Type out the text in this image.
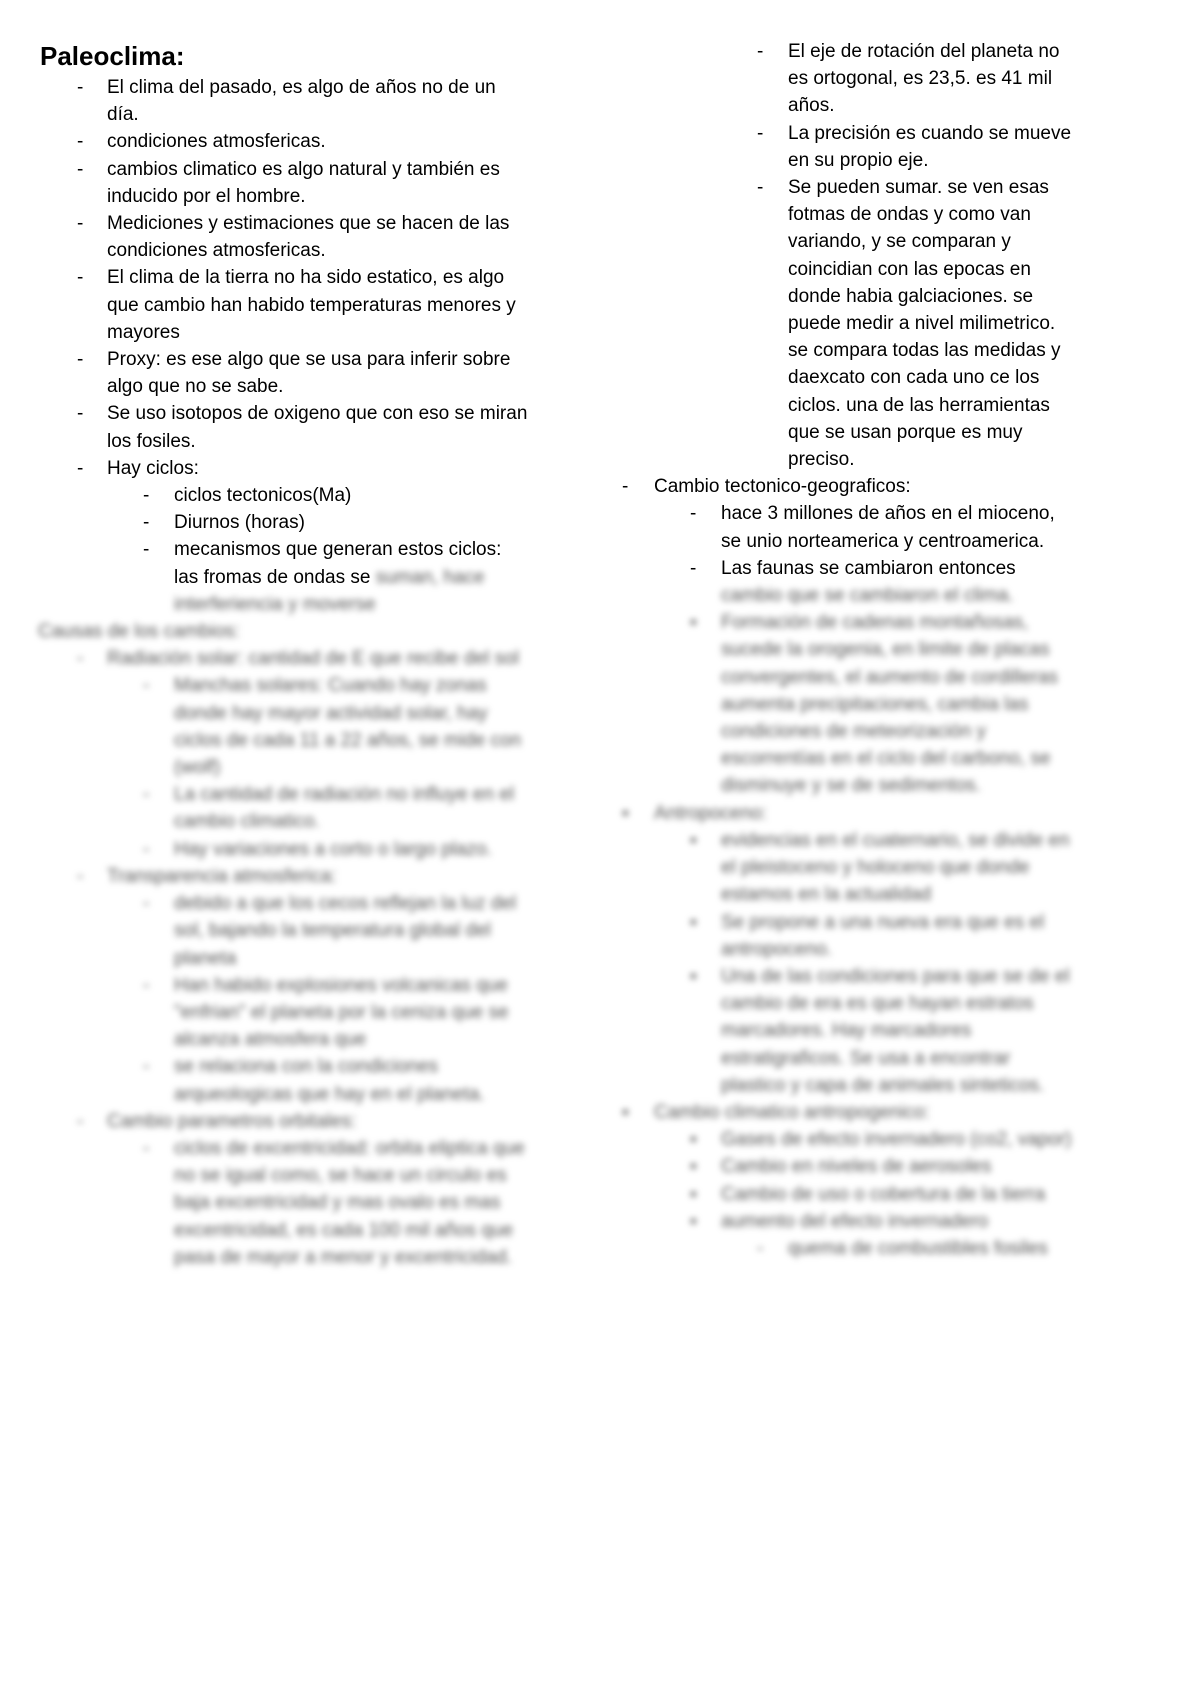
Paleoclima:
- El clima del pasado, es algo de años no de un día.
- condiciones atmosfericas.
- cambios climatico es algo natural y también es inducido por el hombre.
- Mediciones y estimaciones que se hacen de las condiciones atmosfericas.
- El clima de la tierra no ha sido estatico, es algo que cambio han habido temperaturas menores y mayores
- Proxy: es ese algo que se usa para inferir sobre algo que no se sabe.
- Se uso isotopos de oxigeno que con eso se miran los fosiles.
- Hay ciclos:
- ciclos tectonicos(Ma)
- Diurnos (horas)
- mecanismos que generan estos ciclos: las fromas de ondas se suman, hace interferiencia y moverse
Causas de los cambios:
- Radiación solar: cantidad de E que recibe del sol
- Manchas solares: Cuando hay zonas donde hay mayor actividad solar, hay ciclos de cada 11 a 22 años, se mide con (wolf)
- La cantidad de radiación no influye en el cambio climatico.
- Hay variaciones a corto o largo plazo.
- Transparencia atmosferica:
- debido a que los cecos reflejan la luz del sol, bajando la temperatura global del planeta
- Han habido explosiones volcanicas que "enfrian" el planeta por la ceniza que se alcanza atmosfera que
- se relaciona con la condiciones arqueologicas que hay en el planeta.
- Cambio parametros orbitales:
- ciclos de excentricidad: orbita eliptica que no se igual como, se hace un circulo es baja excentricidad y mas ovalo es mas excentricidad, es cada 100 mil años que pasa de mayor a menor y excentricidad.
- El eje de rotación del planeta no es ortogonal, es 23,5. es 41 mil años.
- La precisión es cuando se mueve en su propio eje.
- Se pueden sumar. se ven esas fotmas de ondas y como van variando, y se comparan y coincidian con las epocas en donde habia galciaciones. se puede medir a nivel milimetrico. se compara todas las medidas y daexcato con cada uno ce los ciclos. una de las herramientas que se usan porque es muy preciso.
- Cambio tectonico-geograficos:
- hace 3 millones de años en el mioceno, se unio norteamerica y centroamerica.
- Las faunas se cambiaron entonces cambio que se cambiaron el clima.
▪ Formación de cadenas montañosas, sucede la orogenia, en limite de placas convergentes, el aumento de cordilleras aumenta precipitaciones, cambia las condiciones de meteorización y escorrentías en el ciclo del carbono, se disminuye y se de sedimentos.
▪ Antropoceno:
▪ evidencias en el cuaternario, se divide en el pleistoceno y holoceno que donde estamos en la actualidad
▪ Se propone a una nueva era que es el antropoceno.
▪ Una de las condiciones para que se de el cambio de era es que hayan estratos marcadores. Hay marcadores estratigraficos. Se usa a encontrar plastico y capa de animales sinteticos.
▪ Cambio climatico antropogenico:
▪ Gases de efecto invernadero (co2, vapor)
▪ Cambio en niveles de aerosoles
▪ Cambio de uso o cobertura de la tierra
▪ aumento del efecto invernadero
- quema de combustibles fosiles
